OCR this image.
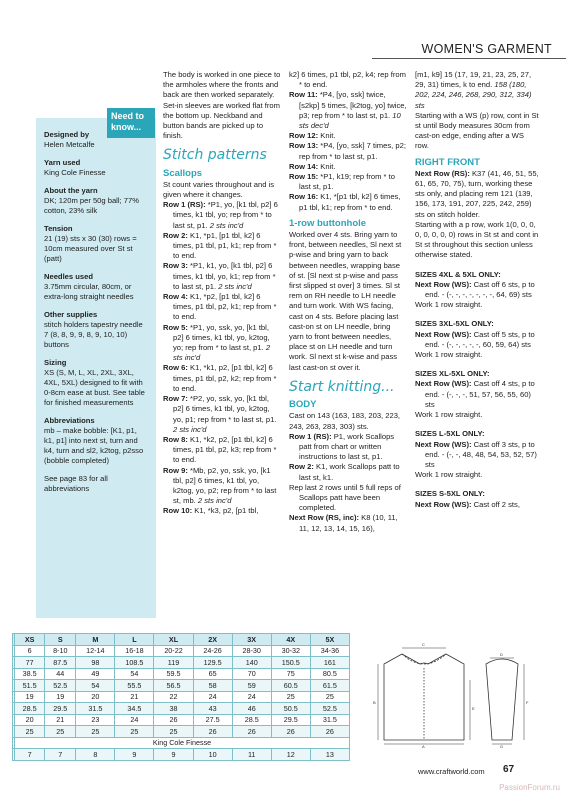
WOMEN'S GARMENT
Designed by
Helen Metcalfe
Yarn used
King Cole Finesse
About the yarn
DK; 120m per 50g ball; 77% cotton, 23% silk
Tension
21 (19) sts x 30 (30) rows = 10cm measured over St st (patt)
Needles used
3.75mm circular, 80cm, or extra-long straight needles
Other supplies
stitch holders tapestry needle 7 (8, 8, 9, 9, 8, 9, 10, 10) buttons
Sizing
XS (S, M, L, XL, 2XL, 3XL, 4XL, 5XL) designed to fit with 0-8cm ease at bust. See table for finished measurements
Abbreviations
mb – make bobble: [K1, p1, k1, p1] into next st, turn and k4, turn and sl2, k2tog, p2sso (bobble completed)
See page 83 for all abbreviations
Need to know...
The body is worked in one piece to the armholes where the fronts and back are then worked separately. Set-in sleeves are worked flat from the bottom up. Neckband and button bands are picked up to finish.
Stitch patterns
Scallops
St count varies throughout and is given where it changes.
Row 1 (RS): *P1, yo, [k1 tbl, p2] 6 times, k1 tbl, yo; rep from * to last st, p1. 2 sts inc'd
Row 2: K1, *p1, [p1 tbl, k2] 6 times, p1 tbl, p1, k1; rep from * to end.
Row 3: *P1, k1, yo, [k1 tbl, p2] 6 times, k1 tbl, yo, k1; rep from * to last st, p1. 2 sts inc'd
Row 4: K1, *p2, [p1 tbl, k2] 6 times, p1 tbl, p2, k1; rep from * to end.
Row 5: *P1, yo, ssk, yo, [k1 tbl, p2] 6 times, k1 tbl, yo, k2tog, yo; rep from * to last st, p1. 2 sts inc'd
Row 6: K1, *k1, p2, [p1 tbl, k2] 6 times, p1 tbl, p2, k2; rep from * to end.
Row 7: *P2, yo, ssk, yo, [k1 tbl, p2] 6 times, k1 tbl, yo, k2tog, yo, p1; rep from * to last st, p1. 2 sts inc'd
Row 8: K1, *k2, p2, [p1 tbl, k2] 6 times, p1 tbl, p2, k3; rep from * to end.
Row 9: *Mb, p2, yo, ssk, yo, [k1 tbl, p2] 6 times, k1 tbl, yo, k2tog, yo, p2; rep from * to last st, mb. 2 sts inc'd
Row 10: K1, *k3, p2, [p1 tbl,
k2] 6 times, p1 tbl, p2, k4; rep from * to end.
Row 11: *P4, [yo, ssk] twice, [s2kp] 5 times, [k2tog, yo] twice, p3; rep from * to last st, p1. 10 sts dec'd
Row 12: Knit.
Row 13: *P4, [yo, ssk] 7 times, p2; rep from * to last st, p1.
Row 14: Knit.
Row 15: *P1, k19; rep from * to last st, p1.
Row 16: K1, *[p1 tbl, k2] 6 times, p1 tbl, k1; rep from * to end.
1-row buttonhole
Worked over 4 sts. Bring yarn to front, between needles, Sl next st p-wise and bring yarn to back between needles, wrapping base of st. [Sl next st p-wise and pass first slipped st over] 3 times. Sl st rem on RH needle to LH needle and turn work. With WS facing, cast on 4 sts. Before placing last cast-on st on LH needle, bring yarn to front between needles, place st on LH needle and turn work. Sl next st k-wise and pass last cast-on st over it.
Start knitting...
BODY
Cast on 143 (163, 183, 203, 223, 243, 263, 283, 303) sts.
Row 1 (RS): P1, work Scallops patt from chart or written instructions to last st, p1.
Row 2: K1, work Scallops patt to last st, k1.
Rep last 2 rows until 5 full reps of Scallops patt have been completed.
Next Row (RS, inc): K8 (10, 11, 11, 12, 13, 14, 15, 16),
[m1, k9] 15 (17, 19, 21, 23, 25, 27, 29, 31) times, k to end. 158 (180, 202, 224, 246, 268, 290, 312, 334) sts
Starting with a WS (p) row, cont in St st until Body measures 30cm from cast-on edge, ending after a WS row.
RIGHT FRONT
Next Row (RS): K37 (41, 46, 51, 55, 61, 65, 70, 75), turn, working these sts only, and placing rem 121 (139, 156, 173, 191, 207, 225, 242, 259) sts on stitch holder.
Starting with a p row, work 1(0, 0, 0, 0, 0, 0, 0, 0) rows in St st and cont in St st throughout this section unless otherwise stated.
SIZES 4XL & 5XL ONLY:
Next Row (WS): Cast off 6 sts, p to end. - (-, -, -, -, -, -, -, 64, 69) sts
Work 1 row straight.
SIZES 3XL-5XL ONLY:
Next Row (WS): Cast off 5 sts, p to end. - (-, -, -, -, -, 60, 59, 64) sts
Work 1 row straight.
SIZES XL-5XL ONLY:
Next Row (WS): Cast off 4 sts, p to end. - (-, -, -, 51, 57, 56, 55, 60) sts
Work 1 row straight.
SIZES L-5XL ONLY:
Next Row (WS): Cast off 3 sts, p to end. - (-, -, 48, 48, 54, 53, 52, 57) sts
Work 1 row straight.
SIZES S-5XL ONLY:
Next Row (WS): Cast off 2 sts,
	XS	S	M	L	XL	2X	3X	4X	5X
	6	8-10	12-14	16-18	20-22	24-26	28-30	30-32	34-36
	77	87.5	98	108.5	119	129.5	140	150.5	161
	38.5	44	49	54	59.5	65	70	75	80.5
	51.5	52.5	54	55.5	56.5	58	59	60.5	61.5
	19	19	20	21	22	24	24	25	25
	28.5	29.5	31.5	34.5	38	43	46	50.5	52.5
	20	21	23	24	26	27.5	28.5	29.5	31.5
	25	25	25	25	25	26	26	26	26
	King Cole Finesse								
	7	7	8	9	9	10	11	12	13
C
A
B
E
D
F
G
www.craftworld.com 67
PassionForum.ru
